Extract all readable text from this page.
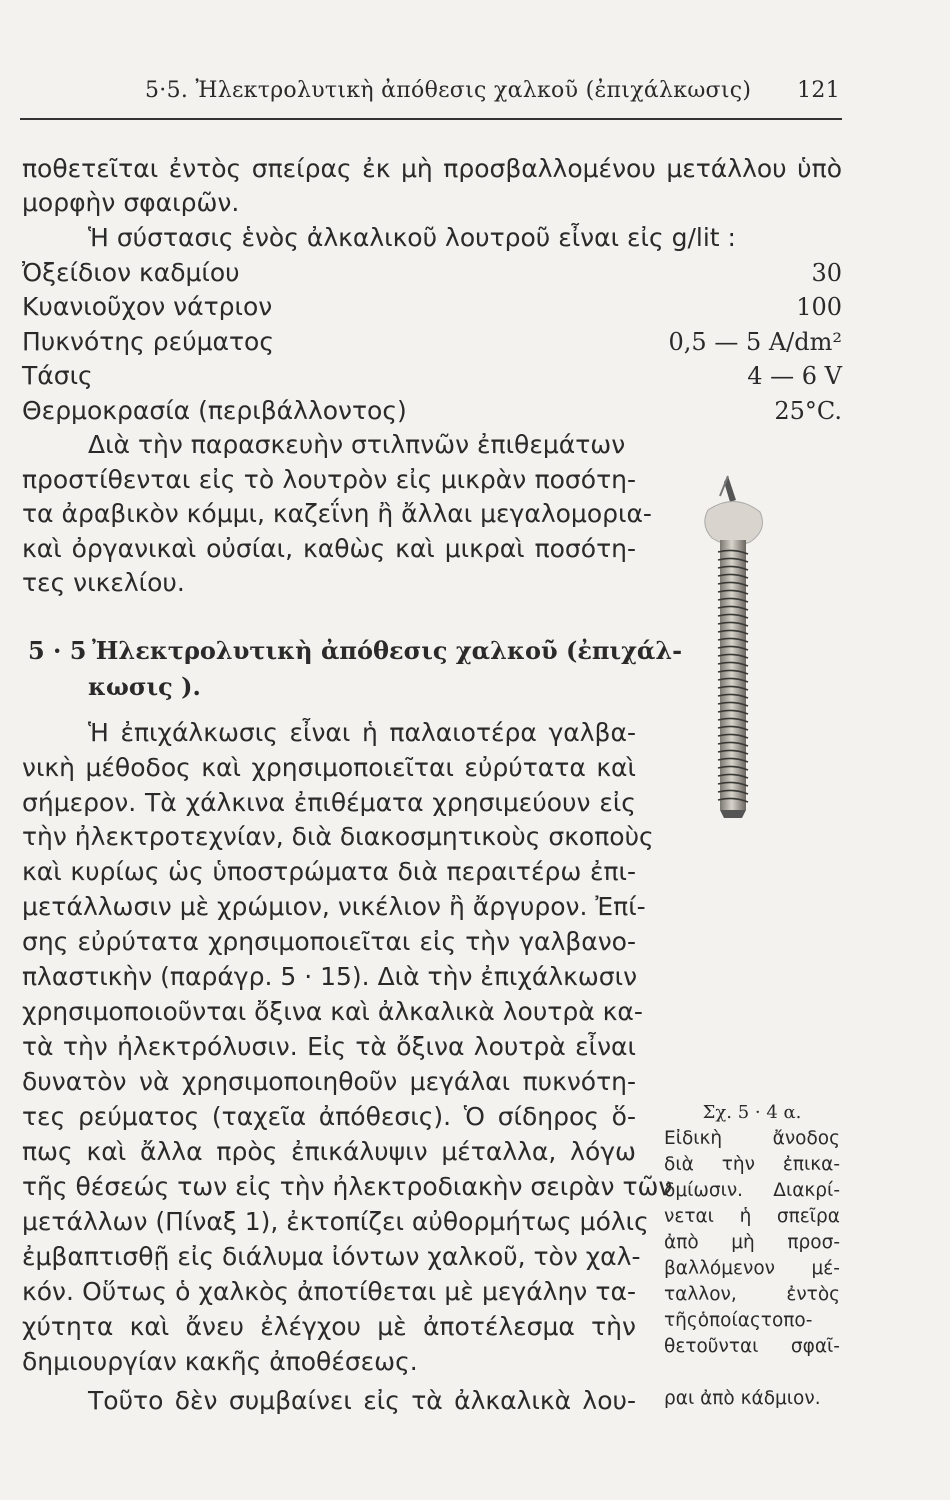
5·5. Ἠλεκτρολυτικὴ ἀπόθεσις χαλκοῦ (ἐπιχάλκωσις) 121
ποθετεῖται ἐντὸς σπείρας ἐκ μὴ προσβαλλομένου μετάλλου ὑπὸ
μορφὴν σφαιρῶν.
Ἡ σύστασις ἑνὸς ἀλκαλικοῦ λουτροῦ εἶναι εἰς g/lit :
Ὀξείδιον καδμίου	30
Κυανιοῦχον νάτριον	100
Πυκνότης ρεύματος	0,5 — 5 A/dm²
Τάσις	4 — 6 V
Θερμοκρασία (περιβάλλοντος)	25°C.
Διὰ τὴν παρασκευὴν στιλπνῶν ἐπιθεμάτων
προστίθενται εἰς τὸ λουτρὸν εἰς μικρὰν ποσότη-
τα ἀραβικὸν κόμμι, καζεΐνη ἢ ἄλλαι μεγαλομορια-
καὶ ὀργανικαὶ οὐσίαι, καθὼς καὶ μικραὶ ποσότη-
τες νικελίου.
5 · 5 Ἠλεκτρολυτικὴ ἀπόθεσις χαλκοῦ (ἐπιχάλ-
κωσις ).
Ἡ ἐπιχάλκωσις εἶναι ἡ παλαιοτέρα γαλβα-
νικὴ μέθοδος καὶ χρησιμοποιεῖται εὐρύτατα καὶ
σήμερον. Τὰ χάλκινα ἐπιθέματα χρησιμεύουν εἰς
τὴν ἠλεκτροτεχνίαν, διὰ διακοσμητικοὺς σκοποὺς
καὶ κυρίως ὡς ὑποστρώματα διὰ περαιτέρω ἐπι-
μετάλλωσιν μὲ χρώμιον, νικέλιον ἢ ἄργυρον. Ἐπί-
σης εὐρύτατα χρησιμοποιεῖται εἰς τὴν γαλβανο-
πλαστικὴν (παράγρ. 5 · 15). Διὰ τὴν ἐπιχάλκωσιν
χρησιμοποιοῦνται ὄξινα καὶ ἀλκαλικὰ λουτρὰ κα-
τὰ τὴν ἠλεκτρόλυσιν. Εἰς τὰ ὄξινα λουτρὰ εἶναι
δυνατὸν νὰ χρησιμοποιηθοῦν μεγάλαι πυκνότη-
τες ρεύματος (ταχεῖα ἀπόθεσις). Ὁ σίδηρος ὅ-
πως καὶ ἄλλα πρὸς ἐπικάλυψιν μέταλλα, λόγω
τῆς θέσεώς των εἰς τὴν ἠλεκτροδιακὴν σειρὰν τῶν
μετάλλων (Πίναξ 1), ἐκτοπίζει αὐθορμήτως μόλις
ἐμβαπτισθῇ εἰς διάλυμα ἰόντων χαλκοῦ, τὸν χαλ-
κόν. Οὕτως ὁ χαλκὸς ἀποτίθεται μὲ μεγάλην τα-
χύτητα καὶ ἄνευ ἐλέγχου μὲ ἀποτέλεσμα τὴν
δημιουργίαν κακῆς ἀποθέσεως.
Τοῦτο δὲν συμβαίνει εἰς τὰ ἀλκαλικὰ λου-
Σχ. 5 · 4 α.
Εἰδικὴ ἄνοδος
διὰ τὴν ἐπικα-
δμίωσιν. Διακρί-
νεται ἡ σπεῖρα
ἀπὸ μὴ προσ-
βαλλόμενον μέ-
ταλλον, ἐντὸς
τῆςὁποίαςτοπο-
θετοῦνται σφαῖ-
ραι ἀπὸ κάδμιον.
